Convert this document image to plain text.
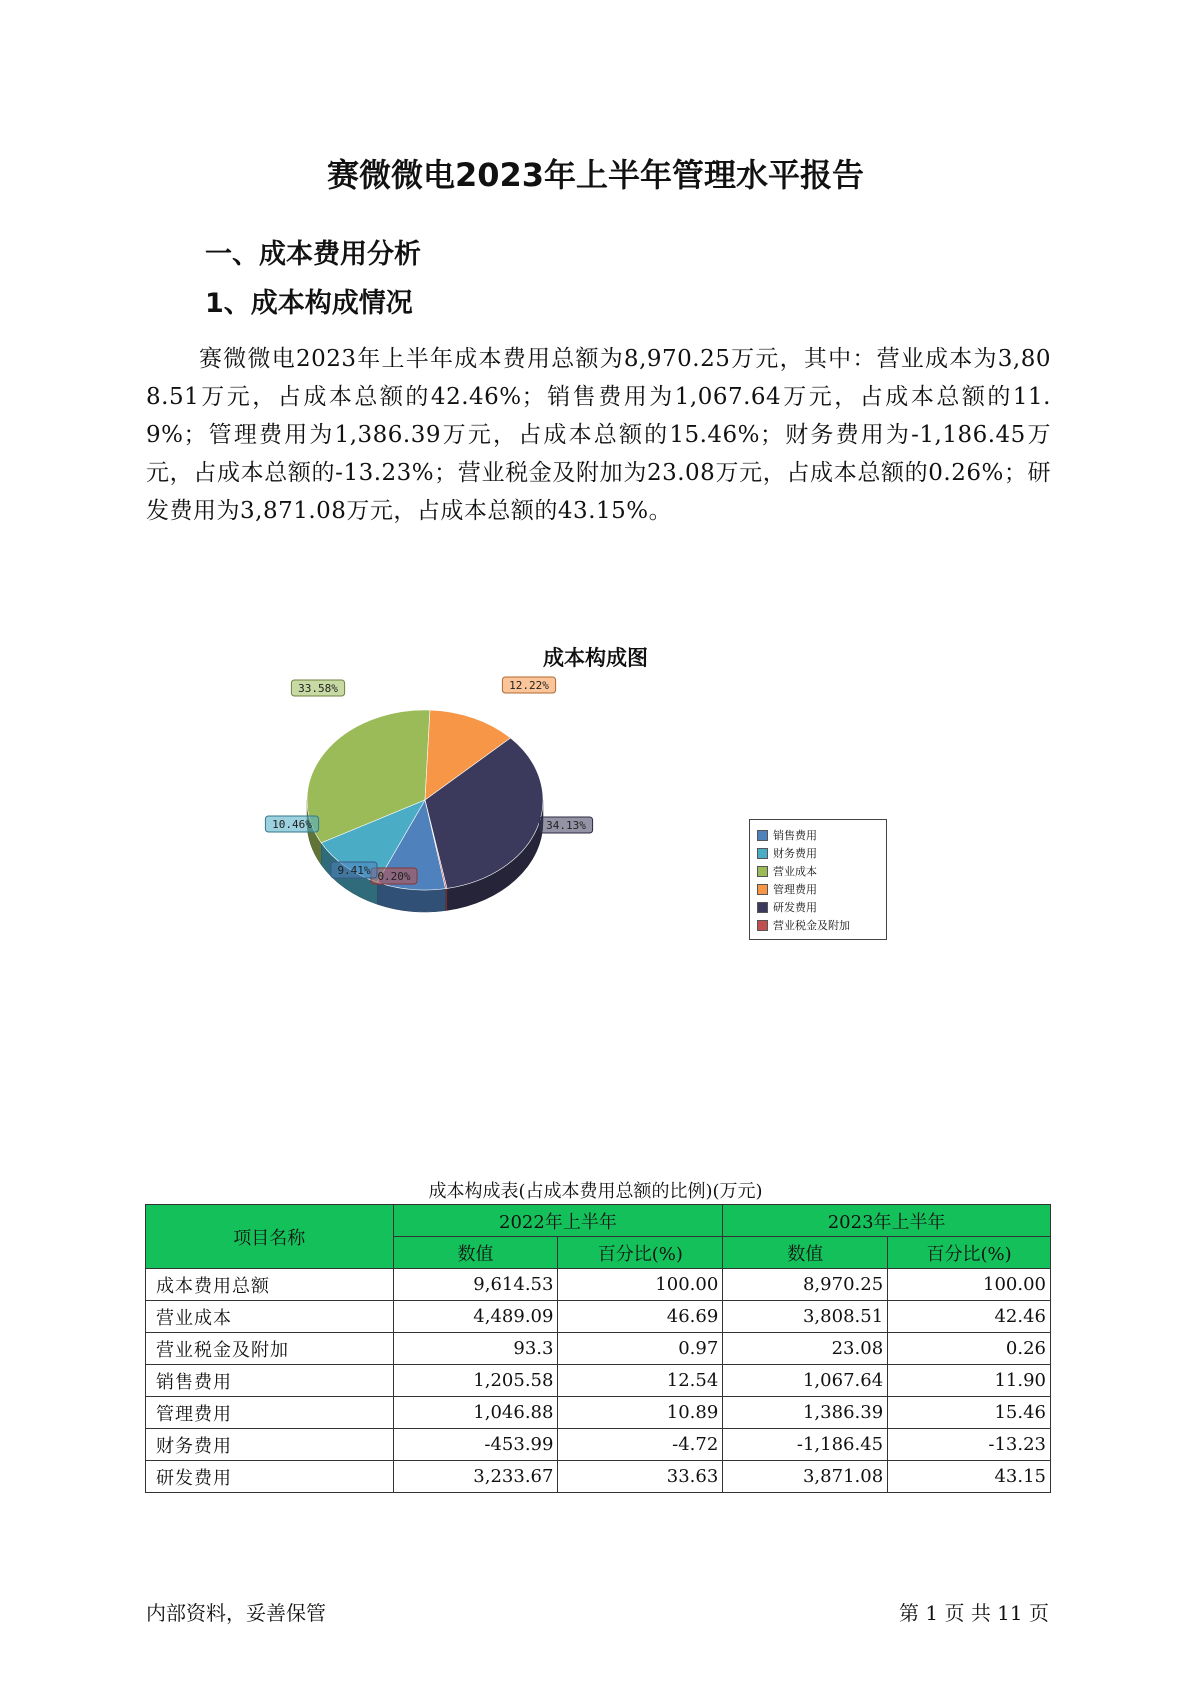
赛微微电2023年上半年管理水平报告
一、成本费用分析
1、成本构成情况
赛微微电2023年上半年成本费用总额为8,970.25万元，其中：营业成本为3,808.51万元，占成本总额的42.46%；销售费用为1,067.64万元，占成本总额的11.9%；管理费用为1,386.39万元，占成本总额的15.46%；财务费用为-1,186.45万元，占成本总额的-13.23%；营业税金及附加为23.08万元，占成本总额的0.26%；研发费用为3,871.08万元，占成本总额的43.15%。
成本构成图
33.58%	12.22%
34.13%
0.20%
9.41%
10.46%
销售费用
财务费用
营业成本
管理费用
研发费用
营业税金及附加
成本构成表(占成本费用总额的比例)(万元)
项目名称	2022年上半年		2023年上半年	
	数值	百分比(%)	数值	百分比(%)
成本费用总额	9,614.53	100.00	8,970.25	100.00
营业成本	4,489.09	46.69	3,808.51	42.46
营业税金及附加	93.3	0.97	23.08	0.26
销售费用	1,205.58	12.54	1,067.64	11.90
管理费用	1,046.88	10.89	1,386.39	15.46
财务费用	-453.99	-4.72	-1,186.45	-13.23
研发费用	3,233.67	33.63	3,871.08	43.15
内部资料，妥善保管	第 1 页 共 11 页
